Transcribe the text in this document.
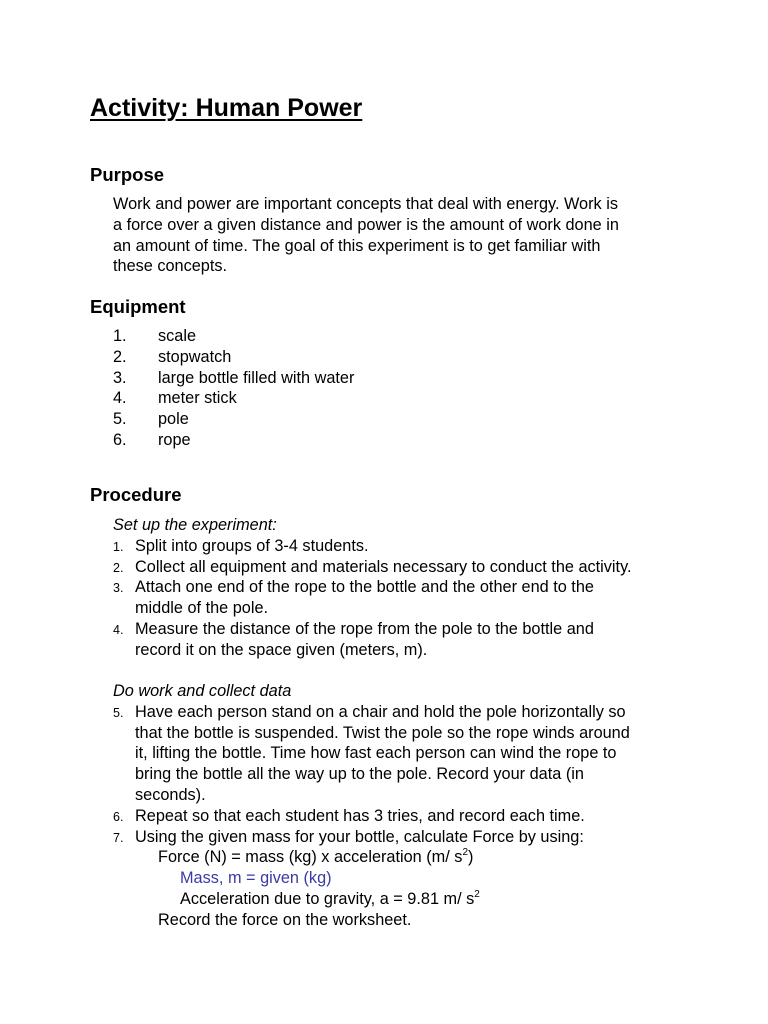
Activity: Human Power
Purpose
Work and power are important concepts that deal with energy. Work is
a force over a given distance and power is the amount of work done in
an amount of time. The goal of this experiment is to get familiar with
these concepts.
Equipment
1. scale
2. stopwatch
3. large bottle filled with water
4. meter stick
5. pole
6. rope
Procedure
Set up the experiment:
1. Split into groups of 3-4 students.
2. Collect all equipment and materials necessary to conduct the activity.
3. Attach one end of the rope to the bottle and the other end to the
middle of the pole.
4. Measure the distance of the rope from the pole to the bottle and
record it on the space given (meters, m).
Do work and collect data
5. Have each person stand on a chair and hold the pole horizontally so
that the bottle is suspended. Twist the pole so the rope winds around
it, lifting the bottle. Time how fast each person can wind the rope to
bring the bottle all the way up to the pole. Record your data (in
seconds).
6. Repeat so that each student has 3 tries, and record each time.
7. Using the given mass for your bottle, calculate Force by using:
Force (N) = mass (kg) x acceleration (m/ $s^2$)
Mass, m = given (kg)
Acceleration due to gravity, a = 9.81 m/ $s^2$
Record the force on the worksheet.
